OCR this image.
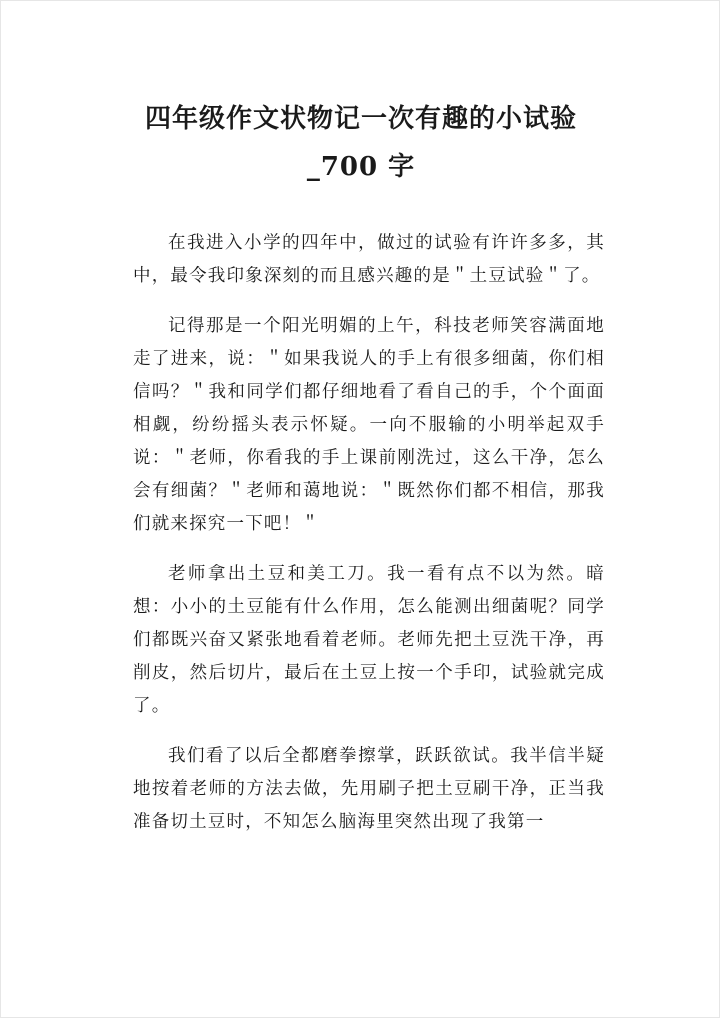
四年级作文状物记一次有趣的小试验
_700 字

在我进入小学的四年中，做过的试验有许许多多，其中，最令我印象深刻的而且感兴趣的是＂土豆试验＂了。

记得那是一个阳光明媚的上午，科技老师笑容满面地走了进来，说：＂如果我说人的手上有很多细菌，你们相信吗？＂我和同学们都仔细地看了看自己的手，个个面面相觑，纷纷摇头表示怀疑。一向不服输的小明举起双手说：＂老师，你看我的手上课前刚洗过，这么干净，怎么会有细菌？＂老师和蔼地说：＂既然你们都不相信，那我们就来探究一下吧！＂

老师拿出土豆和美工刀。我一看有点不以为然。暗想：小小的土豆能有什么作用，怎么能测出细菌呢？同学们都既兴奋又紧张地看着老师。老师先把土豆洗干净，再削皮，然后切片，最后在土豆上按一个手印，试验就完成了。

我们看了以后全都磨拳擦掌，跃跃欲试。我半信半疑地按着老师的方法去做，先用刷子把土豆刷干净，正当我准备切土豆时，不知怎么脑海里突然出现了我第一
